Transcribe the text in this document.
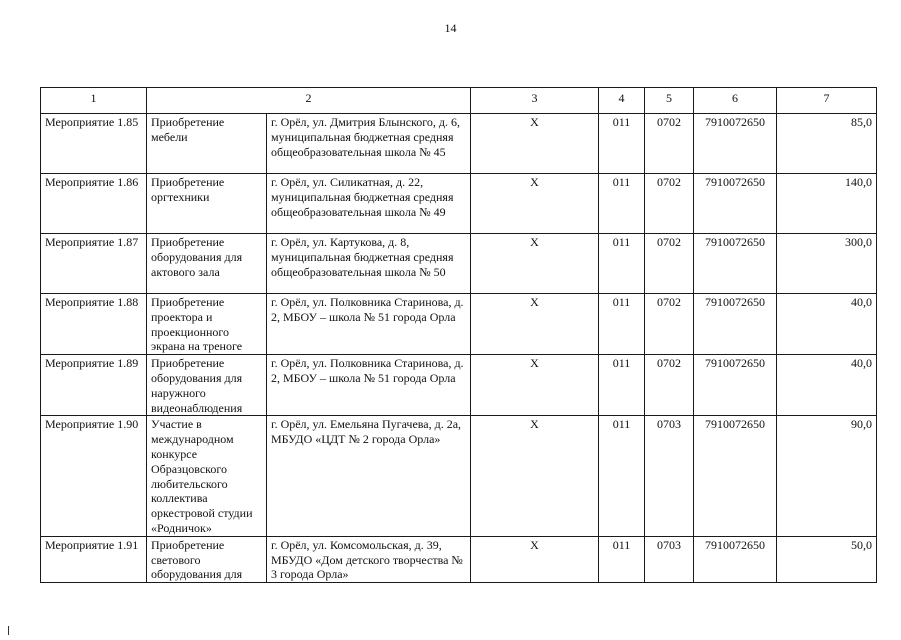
14
1	2		3	4	5	6	7
Мероприятие 1.85	Приобретение мебели	г. Орёл, ул. Дмитрия Блынского, д. 6, муниципальная бюджетная средняя общеобразовательная школа № 45	Х	011	0702	7910072650	85,0
Мероприятие 1.86	Приобретение оргтехники	г. Орёл, ул. Силикатная, д. 22, муниципальная бюджетная средняя общеобразовательная школа № 49	Х	011	0702	7910072650	140,0
Мероприятие 1.87	Приобретение оборудования для актового зала	г. Орёл, ул. Картукова, д. 8, муниципальная бюджетная средняя общеобразовательная школа № 50	Х	011	0702	7910072650	300,0
Мероприятие 1.88	Приобретение проектора и проекционного экрана на треноге	г. Орёл, ул. Полковника Старинова, д. 2, МБОУ – школа № 51 города Орла	Х	011	0702	7910072650	40,0
Мероприятие 1.89	Приобретение оборудования для наружного видеонаблюдения	г. Орёл, ул. Полковника Старинова, д. 2, МБОУ – школа № 51 города Орла	Х	011	0702	7910072650	40,0
Мероприятие 1.90	Участие в международном конкурсе Образцовского любительского коллектива оркестровой студии «Родничок»	г. Орёл, ул. Емельяна Пугачева, д. 2а, МБУДО «ЦДТ № 2 города Орла»	Х	011	0703	7910072650	90,0
Мероприятие 1.91	Приобретение светового оборудования для	г. Орёл, ул. Комсомольская, д. 39, МБУДО «Дом детского творчества № 3 города Орла»	Х	011	0703	7910072650	50,0
